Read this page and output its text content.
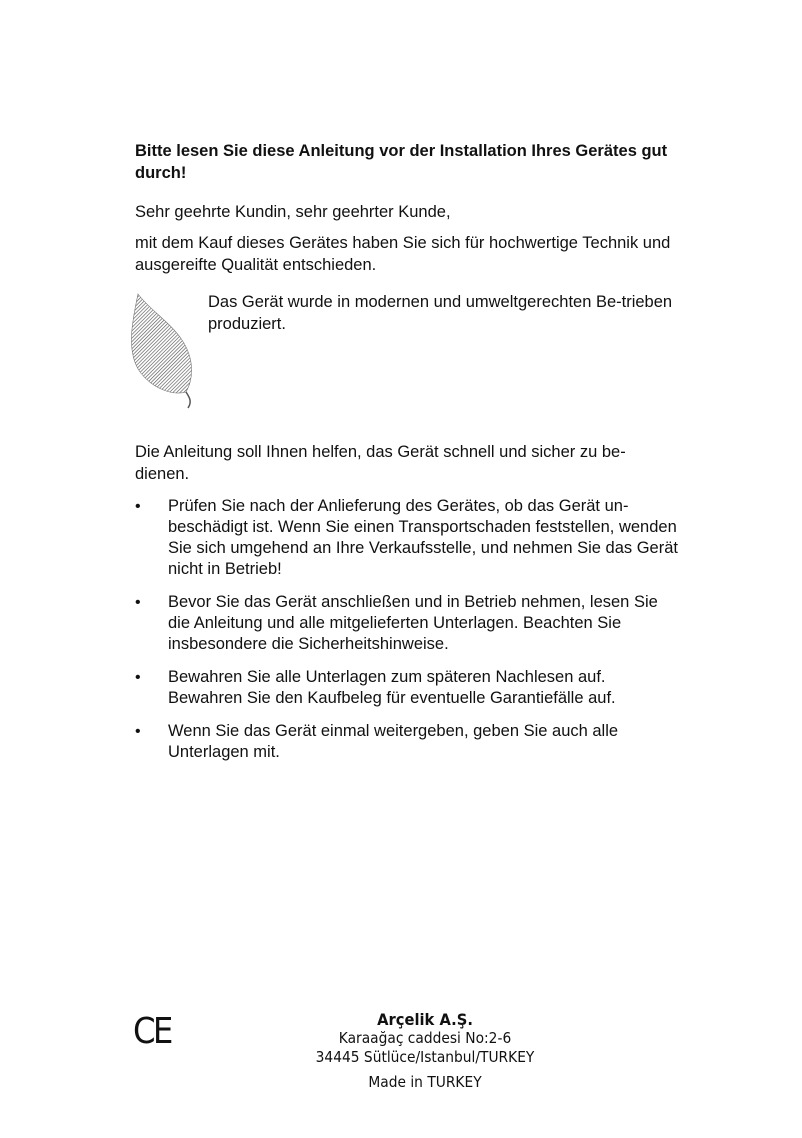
Bitte lesen Sie diese Anleitung vor der Installation Ihres Gerätes gut durch!

Sehr geehrte Kundin, sehr geehrter Kunde,

mit dem Kauf dieses Gerätes haben Sie sich für hochwertige Technik und ausgereifte Qualität entschieden.

Das Gerät wurde in modernen und umweltgerechten Be-trieben produziert.

Die Anleitung soll Ihnen helfen, das Gerät schnell und sicher zu be-dienen.

• Prüfen Sie nach der Anlieferung des Gerätes, ob das Gerät un-beschädigt ist. Wenn Sie einen Transportschaden feststellen, wenden Sie sich umgehend an Ihre Verkaufsstelle, und nehmen Sie das Gerät nicht in Betrieb!
• Bevor Sie das Gerät anschließen und in Betrieb nehmen, lesen Sie die Anleitung und alle mitgelieferten Unterlagen. Beachten Sie insbesondere die Sicherheitshinweise.
• Bewahren Sie alle Unterlagen zum späteren Nachlesen auf. Bewahren Sie den Kaufbeleg für eventuelle Garantiefälle auf.
• Wenn Sie das Gerät einmal weitergeben, geben Sie auch alle Unterlagen mit.
CE	Arçelik A.Ş.
Karaağaç caddesi No:2-6
34445 Sütlüce/Istanbul/TURKEY
Made in TURKEY
